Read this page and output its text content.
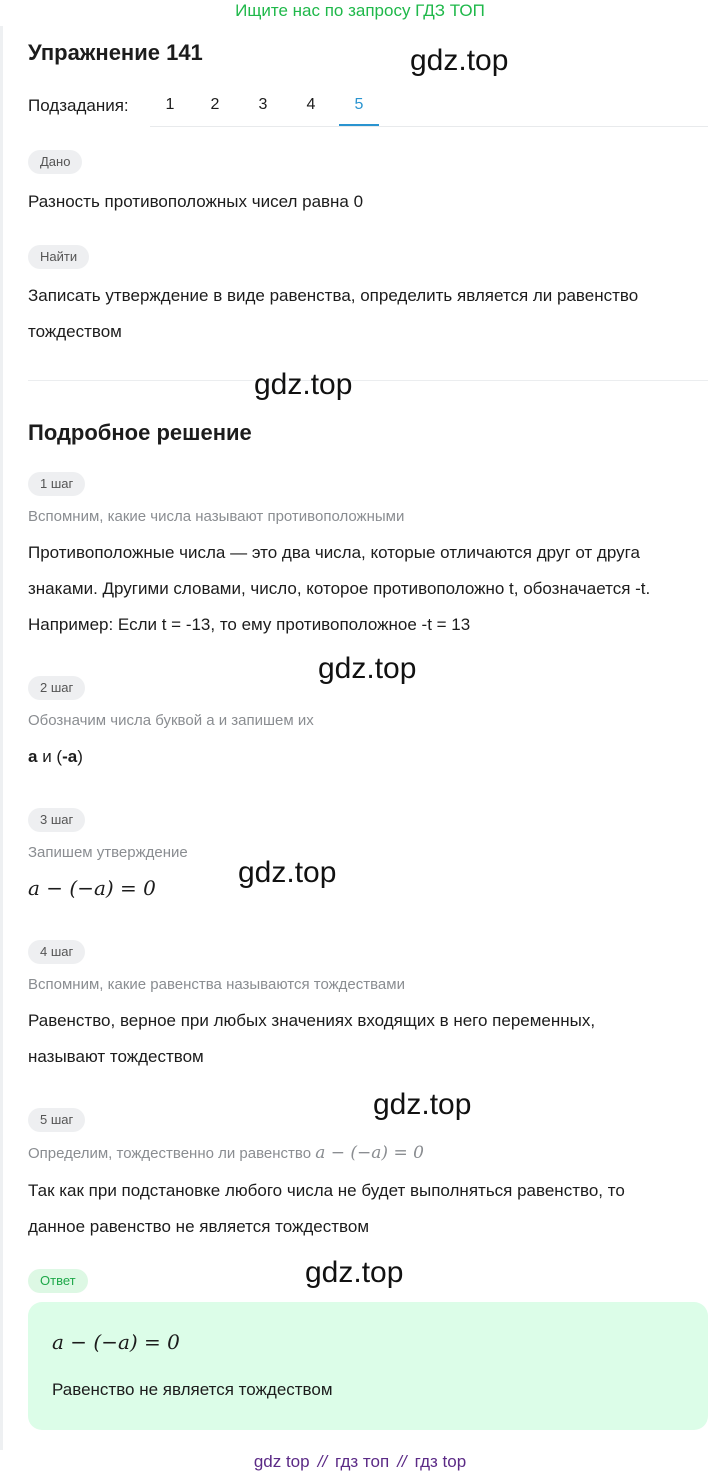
Ищите нас по запросу ГДЗ ТОП
Упражнение 141
Подзадания:	1	2	3	4	5
Дано
Разность противоположных чисел равна 0
Найти
Записать утверждение в виде равенства, определить является ли равенство
тождеством
Подробное решение
1 шаг
Вспомним, какие числа называют противоположными
Противоположные числа — это два числа, которые отличаются друг от друга
знаками. Другими словами, число, которое противоположно t, обозначается -t.
Например: Если t = -13, то ему противоположное -t = 13
2 шаг
Обозначим числа буквой а и запишем их
а и (-а)
3 шаг
Запишем утверждение
a − (−a) = 0
4 шаг
Вспомним, какие равенства называются тождествами
Равенство, верное при любых значениях входящих в него переменных,
называют тождеством
5 шаг
Определим, тождественно ли равенство a − (−a) = 0
Так как при подстановке любого числа не будет выполняться равенство, то
данное равенство не является тождеством
Ответ
a − (−a) = 0
Равенство не является тождеством
gdz.top
gdz.top
gdz.top
gdz.top
gdz.top
gdz.top
gdz top // гдз топ // гдз top
